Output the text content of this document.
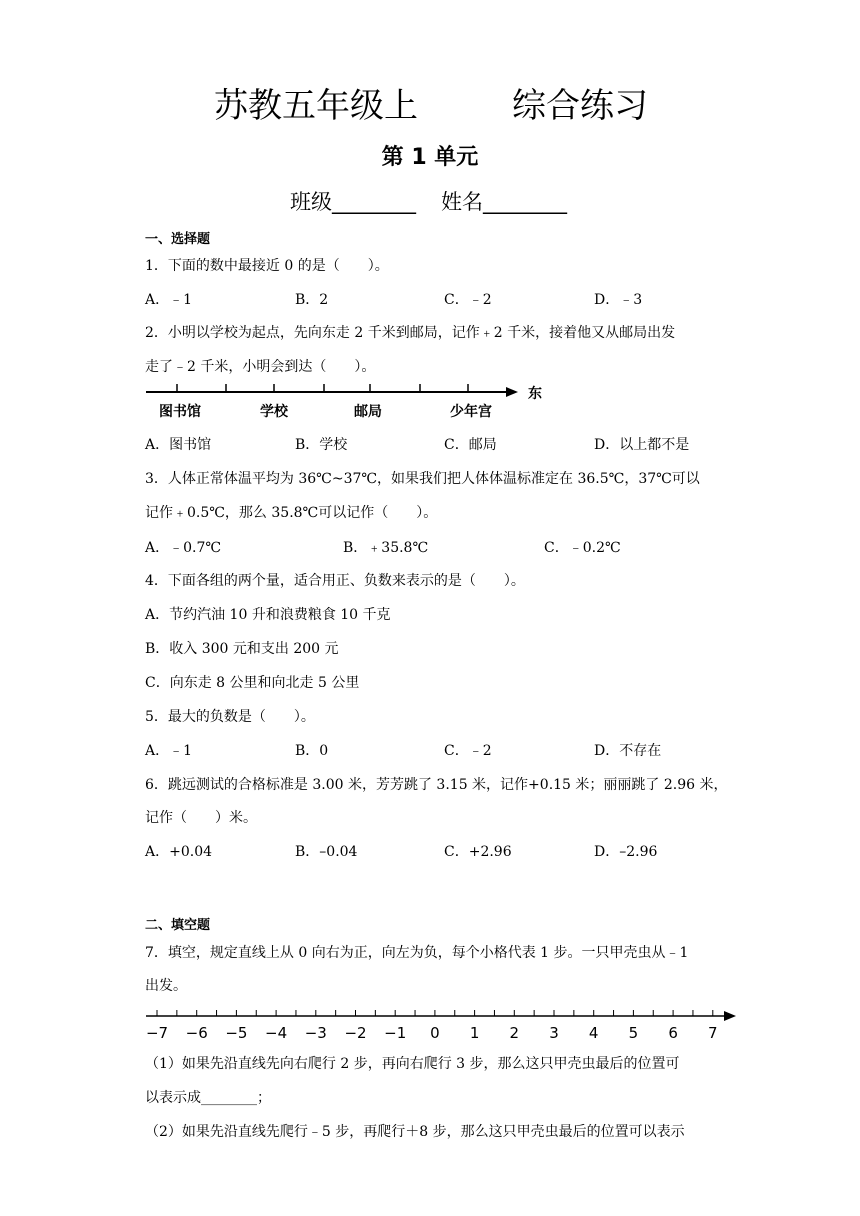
苏教五年级上	综合练习
第 1 单元
班级________ 姓名________
一、选择题
1．下面的数中最接近 0 的是（　　）。
A．﹣1	B．2	C．﹣2	D．﹣3
2．小明以学校为起点，先向东走 2 千米到邮局，记作﹢2 千米，接着他又从邮局出发
走了﹣2 千米，小明会到达（　　）。
图书馆	学校	邮局	少年宫
东
A．图书馆	B．学校	C．邮局	D．以上都不是
3．人体正常体温平均为 36℃~37℃，如果我们把人体体温标准定在 36.5℃，37℃可以
记作﹢0.5℃，那么 35.8℃可以记作（　　）。
A．﹣0.7℃	B．﹢35.8℃	C．﹣0.2℃
4．下面各组的两个量，适合用正、负数来表示的是（　　）。
A．节约汽油 10 升和浪费粮食 10 千克
B．收入 300 元和支出 200 元
C．向东走 8 公里和向北走 5 公里
5．最大的负数是（　　）。
A．﹣1	B．0	C．﹣2	D．不存在
6．跳远测试的合格标准是 3.00 米，芳芳跳了 3.15 米，记作+0.15 米；丽丽跳了 2.96 米，
记作（　　）米。
A．+0.04	B．–0.04	C．+2.96	D．–2.96
二、填空题
7．填空，规定直线上从 0 向右为正，向左为负，每个小格代表 1 步。一只甲壳虫从﹣1
出发。
−7 −6 −5 −4 −3 −2 −1 0 1 2 3 4 5 6 7
（1）如果先沿直线先向右爬行 2 步，再向右爬行 3 步，那么这只甲壳虫最后的位置可
以表示成________；
（2）如果先沿直线先爬行﹣5 步，再爬行＋8 步，那么这只甲壳虫最后的位置可以表示
